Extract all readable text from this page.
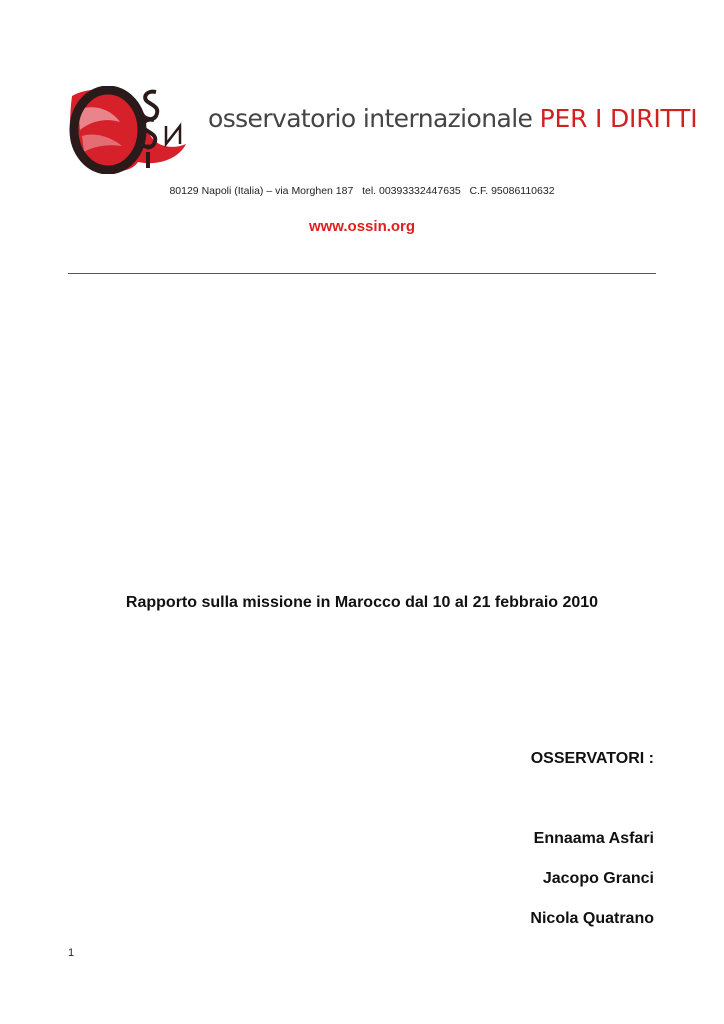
osservatorio internazionale PER I DIRITTI
80129 Napoli (Italia) – via Morghen 187   tel. 00393332447635   C.F. 95086110632
www.ossin.org
Rapporto sulla missione in Marocco dal 10 al 21 febbraio 2010
OSSERVATORI :
Ennaama Asfari
Jacopo Granci
Nicola Quatrano
1
